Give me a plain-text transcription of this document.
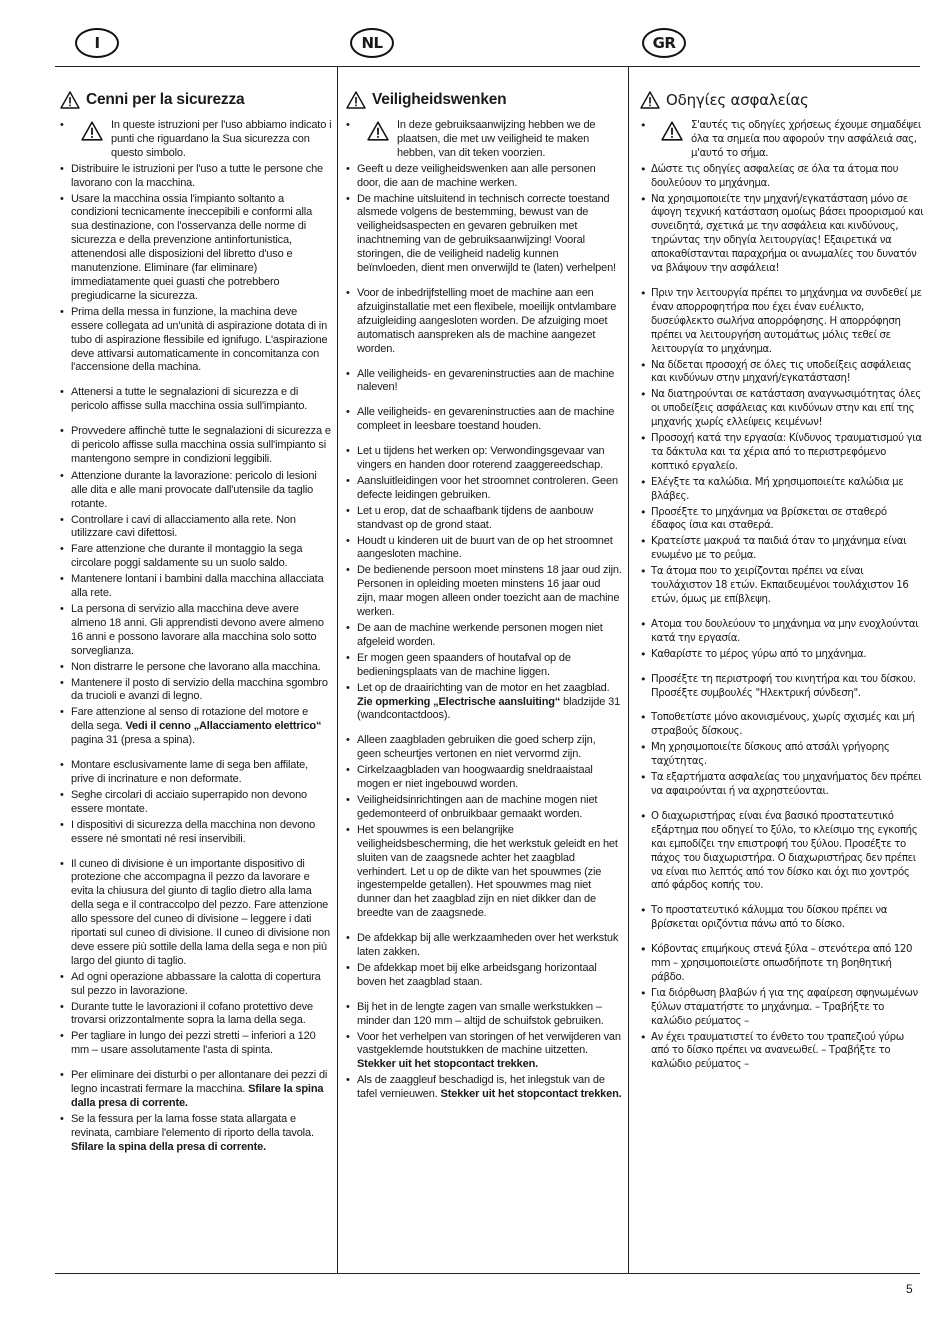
I	NL	GR
Cenni per la sicurezza
• In queste istruzioni per l'uso abbiamo indicato i punti che riguardano la Sua sicurezza con questo simbolo.
• Distribuire le istruzioni per l'uso a tutte le persone che lavorano con la macchina.
• Usare la macchina ossia l'impianto soltanto a condizioni tecnicamente ineccepibili e conformi alla sua destinazione, con l'osservanza delle norme di sicurezza e della prevenzione antinfortunistica, attenendosi alle disposizioni del libretto d'uso e manutenzione. Eliminare (far eliminare) immediatamente quei guasti che potrebbero pregiudicarne la sicurezza.
• Prima della messa in funzione, la machina deve essere collegata ad un'unità di aspirazione dotata di in tubo di aspirazione flessibile ed ignifugo. L'aspirazione deve attivarsi automaticamente in concomitanza con l'accensione della machina.
• Attenersi a tutte le segnalazioni di sicurezza e di pericolo affisse sulla macchina ossia sull'impianto.
• Provvedere affinchè tutte le segnalazioni di sicurezza e di pericolo affisse sulla macchina ossia sull'impianto si mantengono sempre in condizioni leggibili.
• Attenzione durante la lavorazione: pericolo di lesioni alle dita e alle mani provocate dall'utensile da taglio rotante.
• Controllare i cavi di allacciamento alla rete. Non utilizzare cavi difettosi.
• Fare attenzione che durante il montaggio la sega circolare poggi saldamente su un suolo saldo.
• Mantenere lontani i bambini dalla macchina allacciata alla rete.
• La persona di servizio alla macchina deve avere almeno 18 anni. Gli apprendisti devono avere almeno 16 anni e possono lavorare alla macchina solo sotto sorveglianza.
• Non distrarre le persone che lavorano alla macchina.
• Mantenere il posto di servizio della macchina sgombro da trucioli e avanzi di legno.
• Fare attenzione al senso di rotazione del motore e della sega. Vedi il cenno „Allacciamento elettrico“ pagina 31 (presa a spina).
• Montare esclusivamente lame di sega ben affilate, prive di incrinature e non deformate.
• Seghe circolari di acciaio superrapido non devono essere montate.
• I dispositivi di sicurezza della macchina non devono essere né smontati né resi inservibili.
• Il cuneo di divisione è un importante dispositivo di protezione che accompagna il pezzo da lavorare e evita la chiusura del giunto di taglio dietro alla lama della sega e il contraccolpo del pezzo. Fare attenzione allo spessore del cuneo di divisione – leggere i dati riportati sul cuneo di divisione. Il cuneo di divisione non deve essere più sottile della lama della sega e non più largo del giunto di taglio.
• Ad ogni operazione abbassare la calotta di copertura sul pezzo in lavorazione.
• Durante tutte le lavorazioni il cofano protettivo deve trovarsi orizzontalmente sopra la lama della sega.
• Per tagliare in lungo dei pezzi stretti – inferiori a 120 mm – usare assolutamente l'asta di spinta.
• Per eliminare dei disturbi o per allontanare dei pezzi di legno incastrati fermare la macchina. Sfilare la spina dalla presa di corrente.
• Se la fessura per la lama fosse stata allargata e revinata, cambiare l'elemento di riporto della tavola. Sfilare la spina della presa di corrente.
Veiligheidswenken
• In deze gebruiksaanwijzing hebben we de plaatsen, die met uw veiligheid te maken hebben, van dit teken voorzien.
• Geeft u deze veiligheidswenken aan alle personen door, die aan de machine werken.
• De machine uitsluitend in technisch correcte toestand alsmede volgens de bestemming, bewust van de veiligheidsaspecten en gevaren gebruiken met inachtneming van de gebruiksaanwijzing! Vooral storingen, die de veiligheid nadelig kunnen beïnvloeden, dient men onverwijld te (laten) verhelpen!
• Voor de inbedrijfstelling moet de machine aan een afzuiginstallatie met een flexibele, moeilijk ontvlambare afzuigleiding aangesloten worden. De afzuiging moet automatisch aanspreken als de machine aangezet worden.
• Alle veiligheids- en gevareninstructies aan de machine naleven!
• Alle veiligheids- en gevareninstructies aan de machine compleet in leesbare toestand houden.
• Let u tijdens het werken op: Verwondingsgevaar van vingers en handen door roterend zaaggereedschap.
• Aansluitleidingen voor het stroomnet controleren. Geen defecte leidingen gebruiken.
• Let u erop, dat de schaafbank tijdens de aanbouw standvast op de grond staat.
• Houdt u kinderen uit de buurt van de op het stroomnet aangesloten machine.
• De bedienende persoon moet minstens 18 jaar oud zijn. Personen in opleiding moeten minstens 16 jaar oud zijn, maar mogen alleen onder toezicht aan de machine werken.
• De aan de machine werkende personen mogen niet afgeleid worden.
• Er mogen geen spaanders of houtafval op de bedieningsplaats van de machine liggen.
• Let op de draairichting van de motor en het zaagblad. Zie opmerking „Electrische aansluiting“ bladzijde 31 (wandcontactdoos).
• Alleen zaagbladen gebruiken die goed scherp zijn, geen scheurtjes vertonen en niet vervormd zijn.
• Cirkelzaagbladen van hoogwaardig sneldraaistaal mogen er niet ingebouwd worden.
• Veiligheidsinrichtingen aan de machine mogen niet gedemonteerd of onbruikbaar gemaakt worden.
• Het spouwmes is een belangrijke veiligheidsbescherming, die het werkstuk geleidt en het sluiten van de zaagsnede achter het zaagblad verhindert. Let u op de dikte van het spouwmes (zie ingestempelde getallen). Het spouwmes mag niet dunner dan het zaagblad zijn en niet dikker dan de breedte van de zaagsnede.
• De afdekkap bij alle werkzaamheden over het werkstuk laten zakken.
• De afdekkap moet bij elke arbeidsgang horizontaal boven het zaagblad staan.
• Bij het in de lengte zagen van smalle werkstukken – minder dan 120 mm – altijd de schuifstok gebruiken.
• Voor het verhelpen van storingen of het verwijderen van vastgeklemde houtstukken de machine uitzetten. Stekker uit het stopcontact trekken.
• Als de zaaggleuf beschadigd is, het inlegstuk van de tafel vernieuwen. Stekker uit het stopcontact trekken.
Οδηγίες ασφαλείας
• Σ'αυτές τις οδηγίες χρήσεως έχουμε σημαδέψει όλα τα σημεία που αφορούν την ασφάλειά σας, μ'αυτό το σήμα.
• Δώστε τις οδηγίες ασφαλείας σε όλα τα άτομα που δουλεύουν το μηχάνημα.
• Να χρησιμοποιείτε την μηχανή/εγκατάσταση μόνο σε άψογη τεχνική κατάσταση ομοίως βάσει προορισμού και συνειδητά, σχετικά με την ασφάλεια και κινδύνους, τηρώντας την οδηγία λειτουργίας! Εξαιρετικά να αποκαθίστανται παραχρήμα οι ανωμαλίες του δυνατόν να βλάψουν την ασφάλεια!
• Πριν την λειτουργία πρέπει το μηχάνημα να συνδεθεί με έναν απορροφητήρα που έχει έναν ευέλικτο, δυσεύφλεκτο σωλήνα απορρόφησης. Η απορρόφηση πρέπει να λειτουργήση αυτομάτως μόλις τεθεί σε λειτουργία το μηχάνημα.
• Να δίδεται προσοχή σε όλες τις υποδείξεις ασφάλειας και κινδύνων στην μηχανή/εγκατάσταση!
• Να διατηρούνται σε κατάσταση αναγνωσιμότητας όλες οι υποδείξεις ασφάλειας και κινδύνων στην και επί της μηχανής χωρίς ελλείψεις κειμένων!
• Προσοχή κατά την εργασία: Κίνδυνος τραυματισμού για τα δάκτυλα και τα χέρια από το περιστρεφόμενο κοπτικό εργαλείο.
• Ελέγξτε τα καλώδια. Μή χρησιμοποιείτε καλώδια με βλάβες.
• Προσέξτε το μηχάνημα να βρίσκεται σε σταθερό έδαφος ίσια και σταθερά.
• Κρατείστε μακρυά τα παιδιά όταν το μηχάνημα είναι ενωμένο με το ρεύμα.
• Τα άτομα που το χειρίζονται πρέπει να είναι τουλάχιστον 18 ετών. Εκπαιδευμένοι τουλάχιστον 16 ετών, όμως με επίβλεψη.
• Ατομα του δουλεύουν το μηχάνημα να μην ενοχλούνται κατά την εργασία.
• Καθαρίστε το μέρος γύρω από το μηχάνημα.
• Προσέξτε τη περιστροφή του κινητήρα και του δίσκου. Προσέξτε συμβουλές "Ηλεκτρική σύνδεση".
• Τοποθετίστε μόνο ακονισμένους, χωρίς σχισμές και μή στραβούς δίσκους.
• Μη χρησιμοποιείτε δίσκους από ατσάλι γρήγορης ταχύτητας.
• Τα εξαρτήματα ασφαλείας του μηχανήματος δεν πρέπει να αφαιρούνται ή να αχρηστεύονται.
• Ο διαχωριστήρας είναι ένα βασικό προστατευτικό εξάρτημα που οδηγεί το ξύλο, το κλείσιμο της εγκοπής και εμποδίζει την επιστροφή του ξύλου. Προσέξτε το πάχος του διαχωριστήρα. Ο διαχωριστήρας δεν πρέπει να είναι πιο λεπτός από τον δίσκο και όχι πιο χοντρός από φάρδος κοπής του.
• Το προστατευτικό κάλυμμα του δίσκου πρέπει να βρίσκεται οριζόντια πάνω από το δίσκο.
• Κόβοντας επιμήκους στενά ξύλα – στενότερα από 120 mm – χρησιμοποιείστε οπωσδήποτε τη βοηθητική ράβδο.
• Για διόρθωση βλαβών ή για της αφαίρεση σφηνωμένων ξύλων σταματήστε το μηχάνημα. – Τραβήξτε το καλώδιο ρεύματος –
• Αν έχει τραυματιστεί το ένθετο του τραπεζιού γύρω από το δίσκο πρέπει να ανανεωθεί. – Τραβήξτε το καλώδιο ρεύματος –
5
